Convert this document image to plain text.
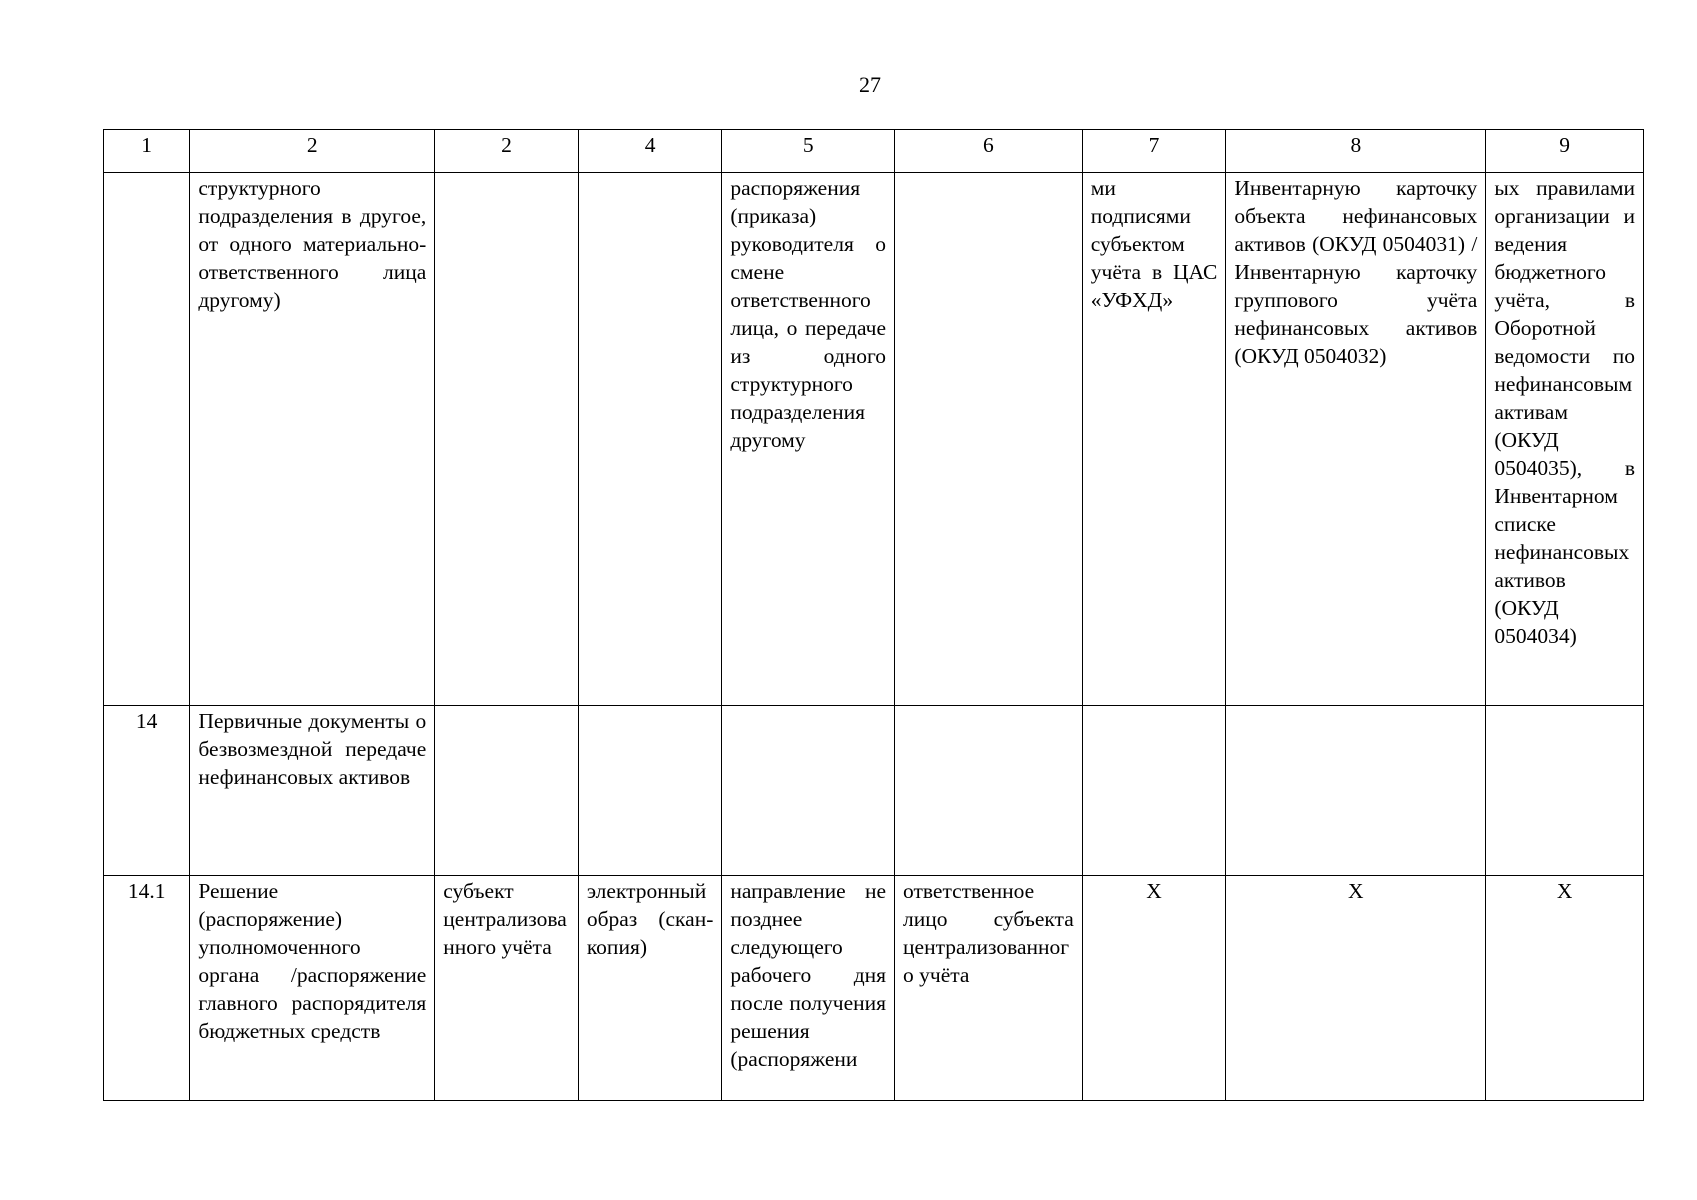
27
1	2	2	4	5	6	7	8	9
	структурного подразделения в другое, от одного материально-ответственного лица другому)			распоряжения (приказа) руководителя о смене ответственного лица, о передаче из одного структурного подразделения другому		ми подписями субъектом учёта в ЦАС «УФХД»	Инвентарную карточку объекта нефинансовых активов (ОКУД 0504031) /Инвентарную карточку группового учёта нефинансовых активов (ОКУД 0504032)	ых правилами организации и ведения бюджетного учёта, в Оборотной ведомости по нефинансовым активам (ОКУД 0504035), в Инвентарном списке нефинансовых активов (ОКУД 0504034)
14	Первичные документы о безвозмездной передаче нефинансовых активов							
14.1	Решение (распоряжение) уполномоченного органа /распоряжение главного распорядителя бюджетных средств	субъект централизованного учёта	электронный образ (скан-копия)	направление не позднее следующего рабочего дня после получения решения (распоряжени	ответственное лицо субъекта централизованного учёта	Х	Х	Х
